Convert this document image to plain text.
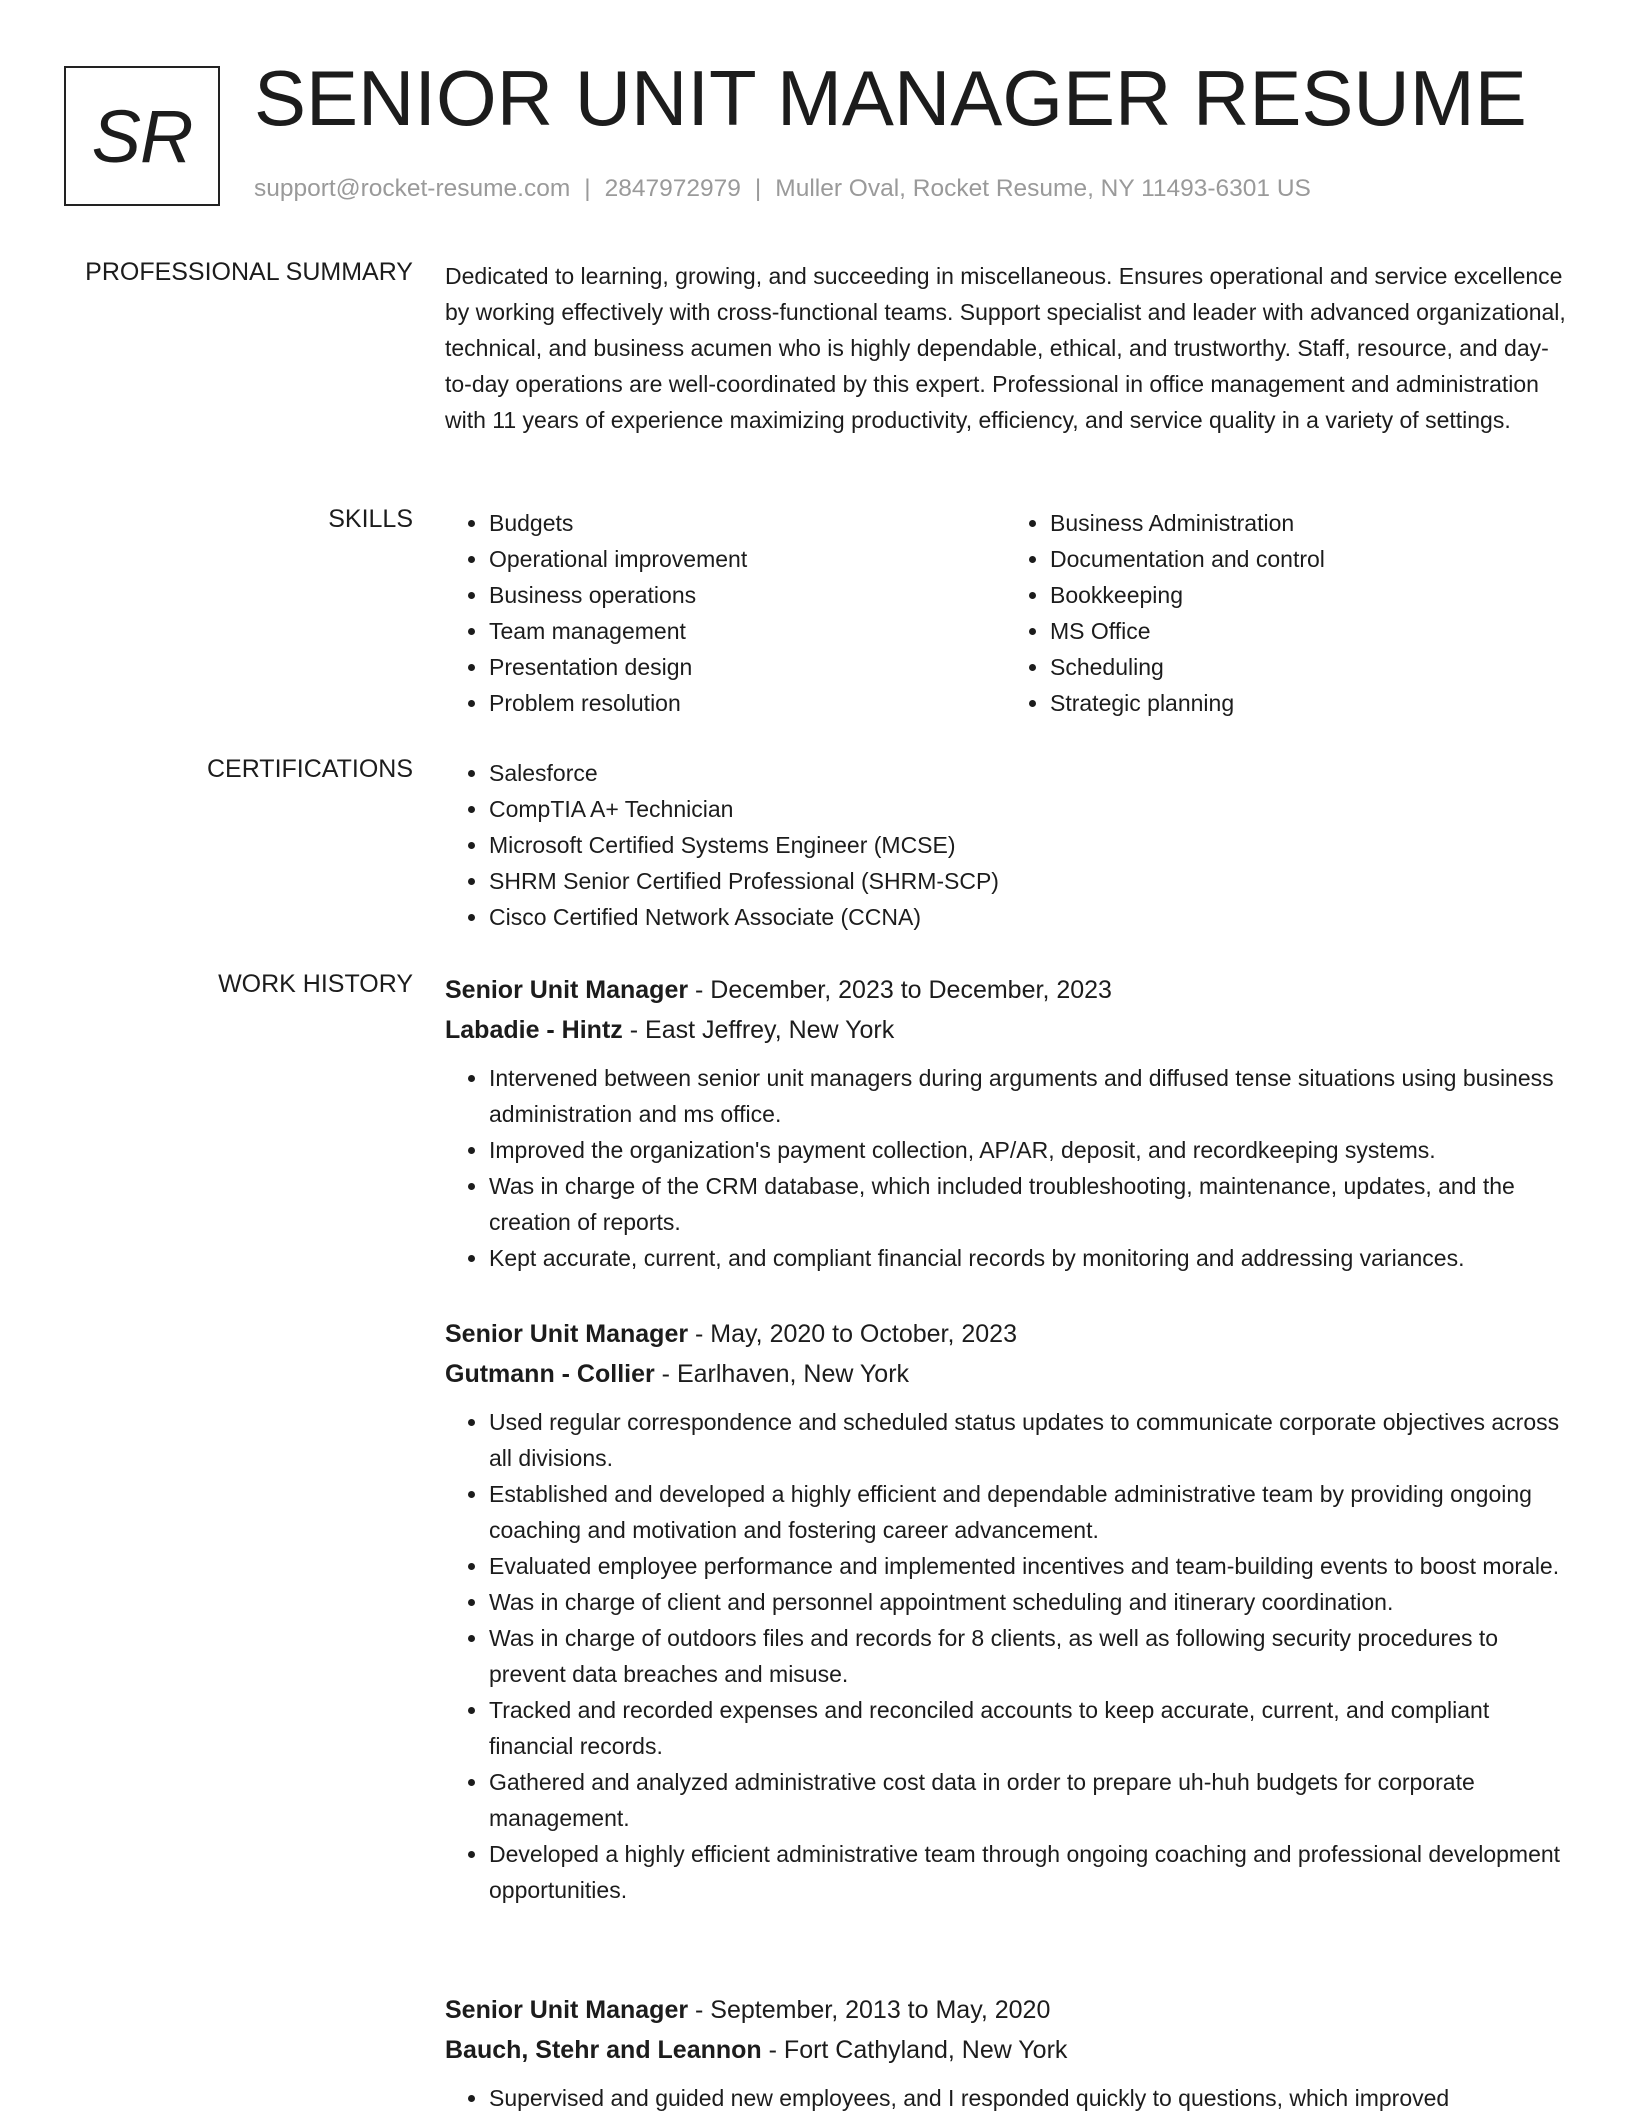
SR SENIOR UNIT MANAGER RESUME
support@rocket-resume.com | 2847972979 | Muller Oval, Rocket Resume, NY 11493-6301 US
PROFESSIONAL SUMMARY Dedicated to learning, growing, and succeeding in miscellaneous. Ensures operational and service excellence by working effectively with cross-functional teams. Support specialist and leader with advanced organizational, technical, and business acumen who is highly dependable, ethical, and trustworthy. Staff, resource, and day-to-day operations are well-coordinated by this expert. Professional in office management and administration with 11 years of experience maximizing productivity, efficiency, and service quality in a variety of settings.

SKILLS	• Budgets
• Operational improvement
• Business operations
• Team management
• Presentation design
• Problem resolution
• Business Administration
• Documentation and control
• Bookkeeping
• MS Office
• Scheduling
• Strategic planning
CERTIFICATIONS	• Salesforce
• CompTIA A+ Technician
• Microsoft Certified Systems Engineer (MCSE)
• SHRM Senior Certified Professional (SHRM-SCP)
• Cisco Certified Network Associate (CCNA)
WORK HISTORY Senior Unit Manager - December, 2023 to December, 2023
Labadie - Hintz - East Jeffrey, New York
• Intervened between senior unit managers during arguments and diffused tense situations using business administration and ms office.
• Improved the organization's payment collection, AP/AR, deposit, and recordkeeping systems.
• Was in charge of the CRM database, which included troubleshooting, maintenance, updates, and the creation of reports.
• Kept accurate, current, and compliant financial records by monitoring and addressing variances.
Senior Unit Manager - May, 2020 to October, 2023
Gutmann - Collier - Earlhaven, New York
• Used regular correspondence and scheduled status updates to communicate corporate objectives across all divisions.
• Established and developed a highly efficient and dependable administrative team by providing ongoing coaching and motivation and fostering career advancement.
• Evaluated employee performance and implemented incentives and team-building events to boost morale.
• Was in charge of client and personnel appointment scheduling and itinerary coordination.
• Was in charge of outdoors files and records for 8 clients, as well as following security procedures to prevent data breaches and misuse.
• Tracked and recorded expenses and reconciled accounts to keep accurate, current, and compliant financial records.
• Gathered and analyzed administrative cost data in order to prepare uh-huh budgets for corporate management.
• Developed a highly efficient administrative team through ongoing coaching and professional development opportunities.
Senior Unit Manager - September, 2013 to May, 2020
Bauch, Stehr and Leannon - Fort Cathyland, New York
• Supervised and guided new employees, and I responded quickly to questions, which improved
